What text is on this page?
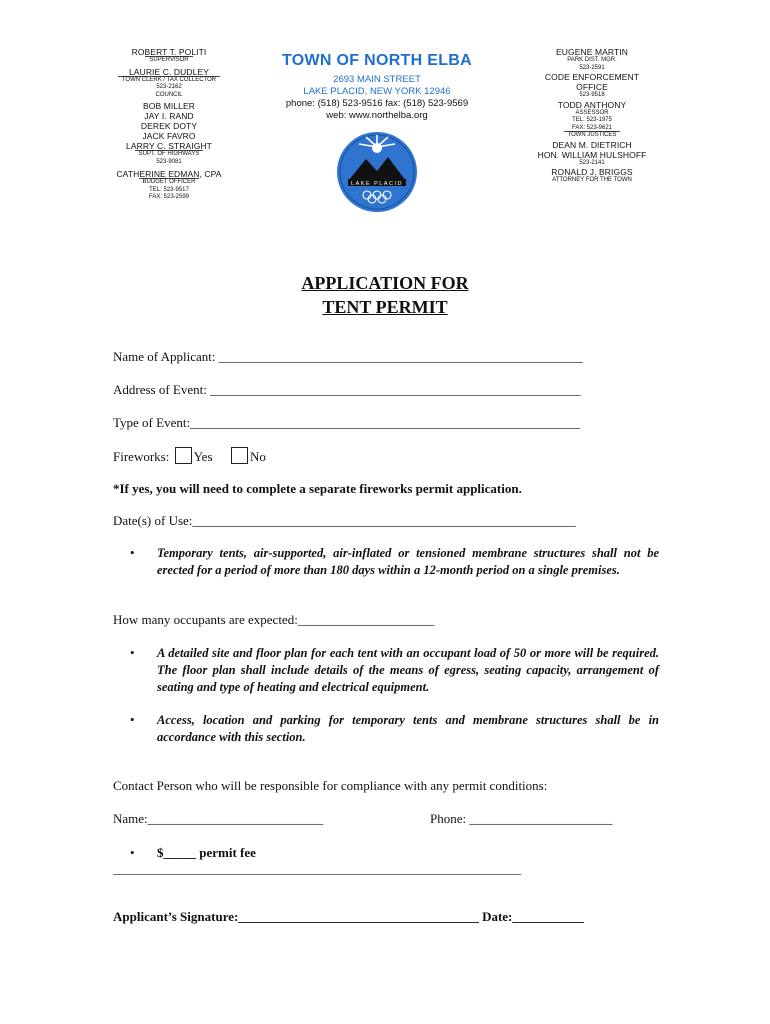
ROBERT T. POLITI
SUPERVISOR
LAURIE C. DUDLEY
TOWN CLERK / TAX COLLECTOR
523-2162
COUNCIL
BOB MILLER
JAY I. RAND
DEREK DOTY
JACK FAVRO
LARRY C. STRAIGHT
SUPT. OF HIGHWAYS
523-9081
CATHERINE EDMAN, CPA
BUDGET OFFICER
TEL: 523-9517
FAX: 523-2599
TOWN OF NORTH ELBA
2693 MAIN STREET
LAKE PLACID, NEW YORK 12946
phone: (518) 523-9516 fax: (518) 523-9569
web: www.northelba.org
LAKE PLACID
EUGENE MARTIN
PARK DIST. MGR.
523-2591
CODE ENFORCEMENT
OFFICE
523-9518
TODD ANTHONY
ASSESSOR
TEL: 523-1975
FAX: 523-9621
TOWN JUSTICES
DEAN M. DIETRICH
HON. WILLIAM HULSHOFF
523-2141
RONALD J. BRIGGS
ATTORNEY FOR THE TOWN
APPLICATION FOR
TENT PERMIT
Name of Applicant: ________________________________________________________
Address of Event: _________________________________________________________
Type of Event:____________________________________________________________
Fireworks: Yes	No
*If yes, you will need to complete a separate fireworks permit application.
Date(s) of Use:___________________________________________________________
• Temporary tents, air-supported, air-inflated or tensioned membrane structures shall not be erected for a period of more than 180 days within a 12-month period on a single premises.
How many occupants are expected:_____________________
• A detailed site and floor plan for each tent with an occupant load of 50 or more will be required. The floor plan shall include details of the means of egress, seating capacity, arrangement of seating and type of heating and electrical equipment.
• Access, location and parking for temporary tents and membrane structures shall be in accordance with this section.
Contact Person who will be responsible for compliance with any permit conditions:
Name:___________________________	Phone: ______________________
• $_____ permit fee
____________________________________________________________________
Applicant’s Signature:_____________________________________ Date:___________
